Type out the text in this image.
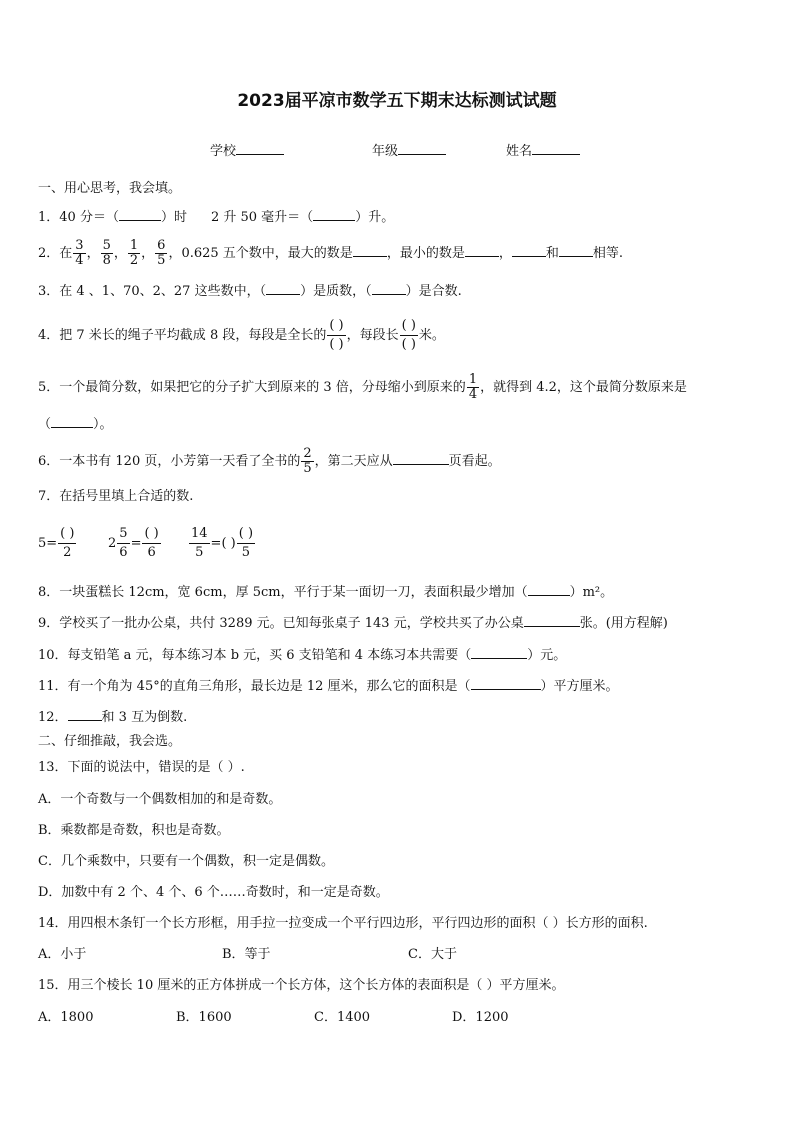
2023届平凉市数学五下期末达标测试试题
学校	年级	姓名
一、用心思考，我会填。
1．40 分＝（	）时 2 升 50 毫升＝（	）升。
2．在 $\frac{3}{4}$ ， $\frac{5}{8}$ ， $\frac{1}{2}$ ， $\frac{6}{5}$ ，0.625 五个数中，最大的数是	，最小的数是	，	和	相等.
3．在 4 、1、70、2、27 这些数中，（	）是质数，（	）是合数.
4．把 7 米长的绳子平均截成 8 段，每段是全长的 $\frac{( )}{( )}$ ，每段长 $\frac{( )}{( )}$ 米。
5．一个最简分数，如果把它的分子扩大到原来的 3 倍，分母缩小到原来的 $\frac{1}{4}$ ，就得到 4.2，这个最简分数原来是
（	）。
6．一本书有 120 页，小芳第一天看了全书的 $\frac{2}{5}$ ，第二天应从	页看起。
7．在括号里填上合适的数.
$5= \frac{( )}{2} 2 \frac{5}{6} = \frac{( )}{6} \frac{14}{5}$ =( ) $\frac{( )}{5}$
8．一块蛋糕长 12cm，宽 6cm，厚 5cm，平行于某一面切一刀，表面积最少增加（	）m²。
9．学校买了一批办公桌，共付 3289 元。已知每张桌子 143 元，学校共买了办公桌	张。(用方程解)
10．每支铅笔 a 元，每本练习本 b 元，买 6 支铅笔和 4 本练习本共需要（	）元。
11．有一个角为 45°的直角三角形，最长边是 12 厘米，那么它的面积是（	）平方厘米。
12．	和 3 互为倒数.
二、仔细推敲，我会选。
13．下面的说法中，错误的是（ ）.
A．一个奇数与一个偶数相加的和是奇数。
B．乘数都是奇数，积也是奇数。
C．几个乘数中，只要有一个偶数，积一定是偶数。
D．加数中有 2 个、4 个、6 个……奇数时，和一定是奇数。
14．用四根木条钉一个长方形框，用手拉一拉变成一个平行四边形，平行四边形的面积（ ）长方形的面积.
A．小于	B．等于	C．大于
15．用三个棱长 10 厘米的正方体拼成一个长方体，这个长方体的表面积是（ ）平方厘米。
A．1800	B．1600	C．1400	D．1200
